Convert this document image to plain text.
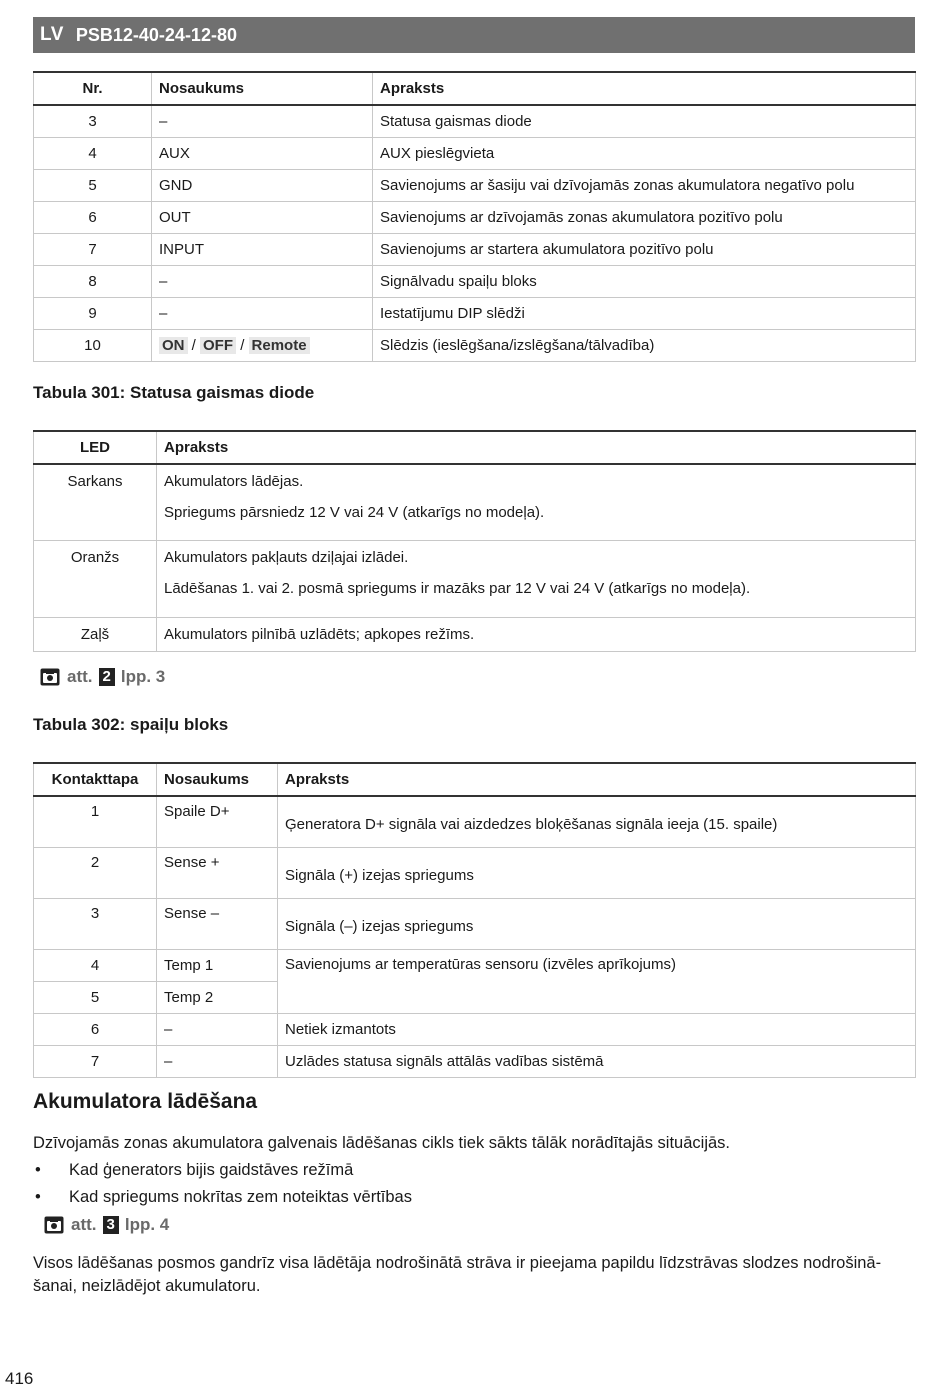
LV PSB12-40-24-12-80
Nr.	Nosaukums	Apraksts
3	–	Statusa gaismas diode
4	AUX	AUX pieslēgvieta
5	GND	Savienojums ar šasiju vai dzīvojamās zonas akumulatora negatīvo polu
6	OUT	Savienojums ar dzīvojamās zonas akumulatora pozitīvo polu
7	INPUT	Savienojums ar startera akumulatora pozitīvo polu
8	–	Signālvadu spaiļu bloks
9	–	Iestatījumu DIP slēdži
10	ON / OFF / Remote	Slēdzis (ieslēgšana/izslēgšana/tālvadība)
Tabula 301: Statusa gaismas diode
LED	Apraksts
Sarkans	Akumulators lādējas.

Spriegums pārsniedz 12 V vai 24 V (atkarīgs no modeļa).

Oranžs	Akumulators pakļauts dziļajai izlādei.

Lādēšanas 1. vai 2. posmā spriegums ir mazāks par 12 V vai 24 V (atkarīgs no modeļa).

Zaļš	Akumulators pilnībā uzlādēts; apkopes režīms.

att. 2 lpp. 3
Tabula 302: spaiļu bloks
Kontakttapa	Nosaukums	Apraksts
1	Spaile D+	Ģeneratora D+ signāla vai aizdedzes bloķēšanas signāla ieeja (15. spaile)
2	Sense +	Signāla (+) izejas spriegums
3	Sense –	Signāla (–) izejas spriegums
4	Temp 1	Savienojums ar temperatūras sensoru (izvēles aprīkojums)
5	Temp 2	
6	–	Netiek izmantots
7	–	Uzlādes statusa signāls attālās vadības sistēmā
Akumulatora lādēšana
Dzīvojamās zonas akumulatora galvenais lādēšanas cikls tiek sākts tālāk norādītajās situācijās.
• Kad ģenerators bijis gaidstāves režīmā
• Kad spriegums nokrītas zem noteiktas vērtības
att. 3 lpp. 4
Visos lādēšanas posmos gandrīz visa lādētāja nodrošinātā strāva ir pieejama papildu līdzstrāvas slodzes nodrošināšanai, neizlādējot akumulatoru.
416
